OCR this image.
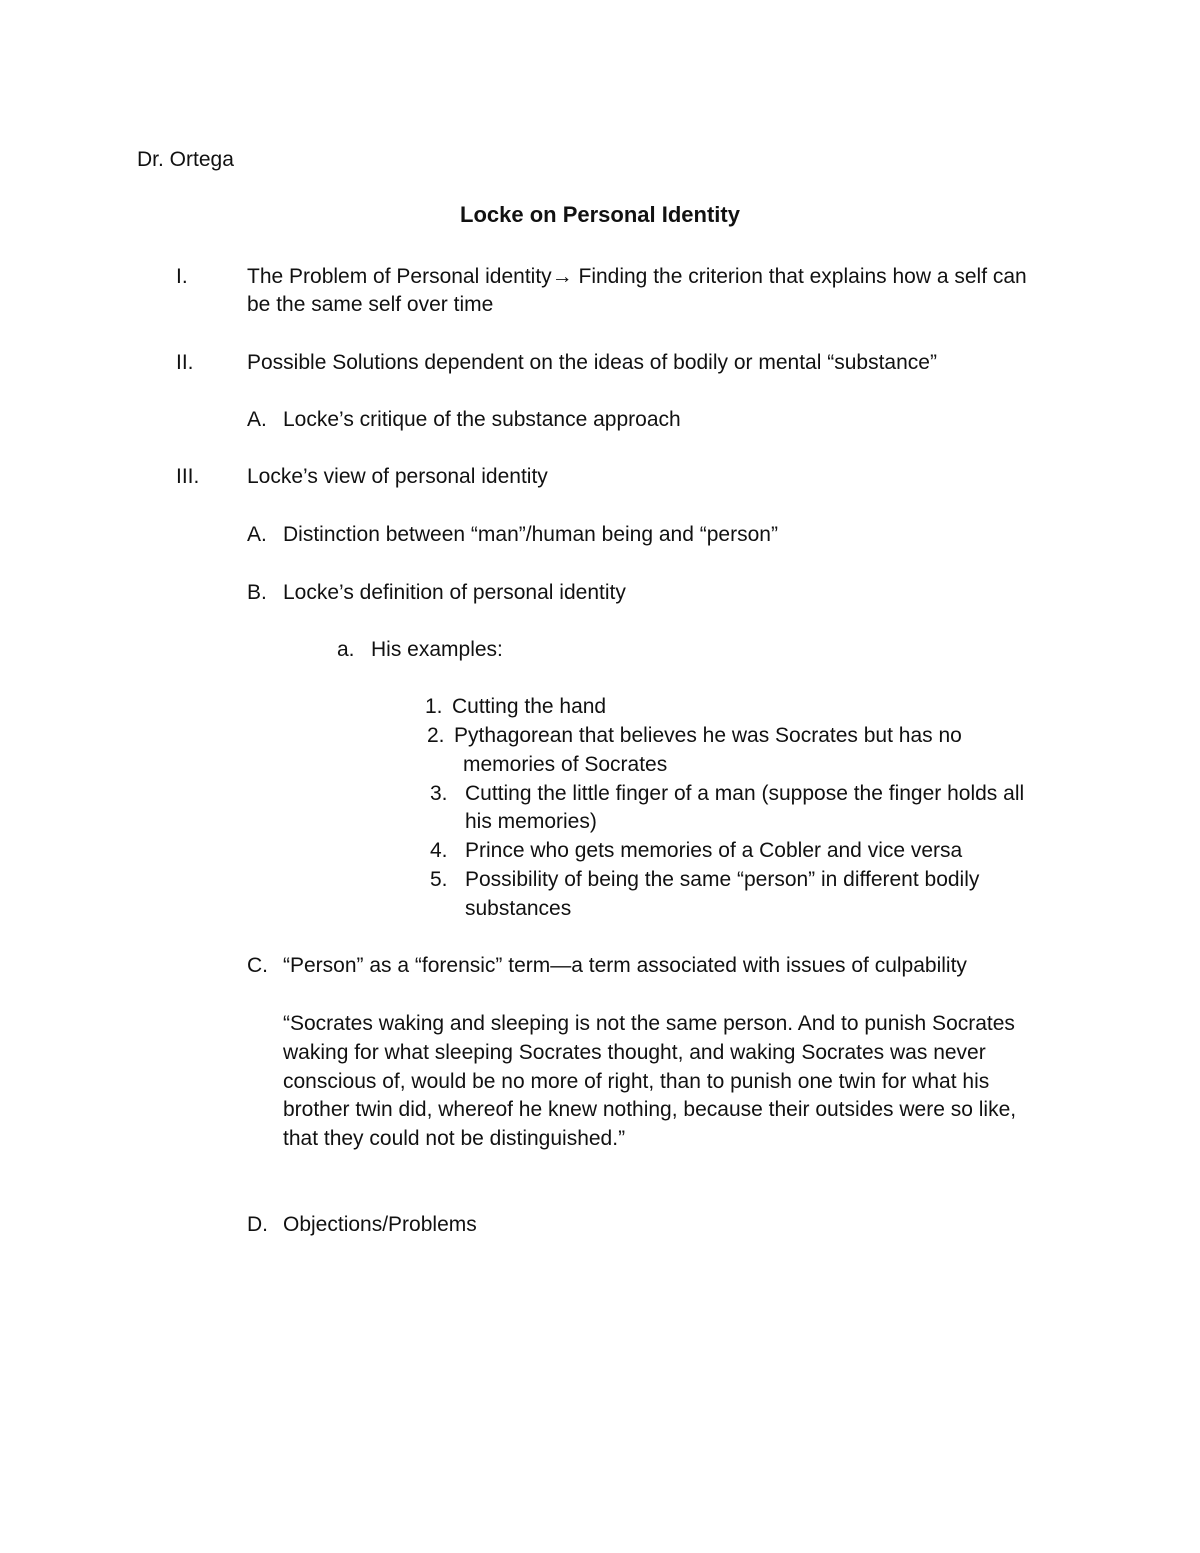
Dr. Ortega
Locke on Personal Identity
I.	The Problem of Personal identity→ Finding the criterion that explains how a self can
be the same self over time
II.	Possible Solutions dependent on the ideas of bodily or mental “substance”
A. Locke’s critique of the substance approach
III. Locke’s view of personal identity
A. Distinction between “man”/human being and “person”
B. Locke’s definition of personal identity
a. His examples:
1. Cutting the hand
2. Pythagorean that believes he was Socrates but has no
memories of Socrates
3. Cutting the little finger of a man (suppose the finger holds all
his memories)
4. Prince who gets memories of a Cobler and vice versa
5. Possibility of being the same “person” in different bodily
substances
C. “Person” as a “forensic” term—a term associated with issues of culpability
“Socrates waking and sleeping is not the same person. And to punish Socrates
waking for what sleeping Socrates thought, and waking Socrates was never
conscious of, would be no more of right, than to punish one twin for what his
brother twin did, whereof he knew nothing, because their outsides were so like,
that they could not be distinguished.”
D. Objections/Problems
